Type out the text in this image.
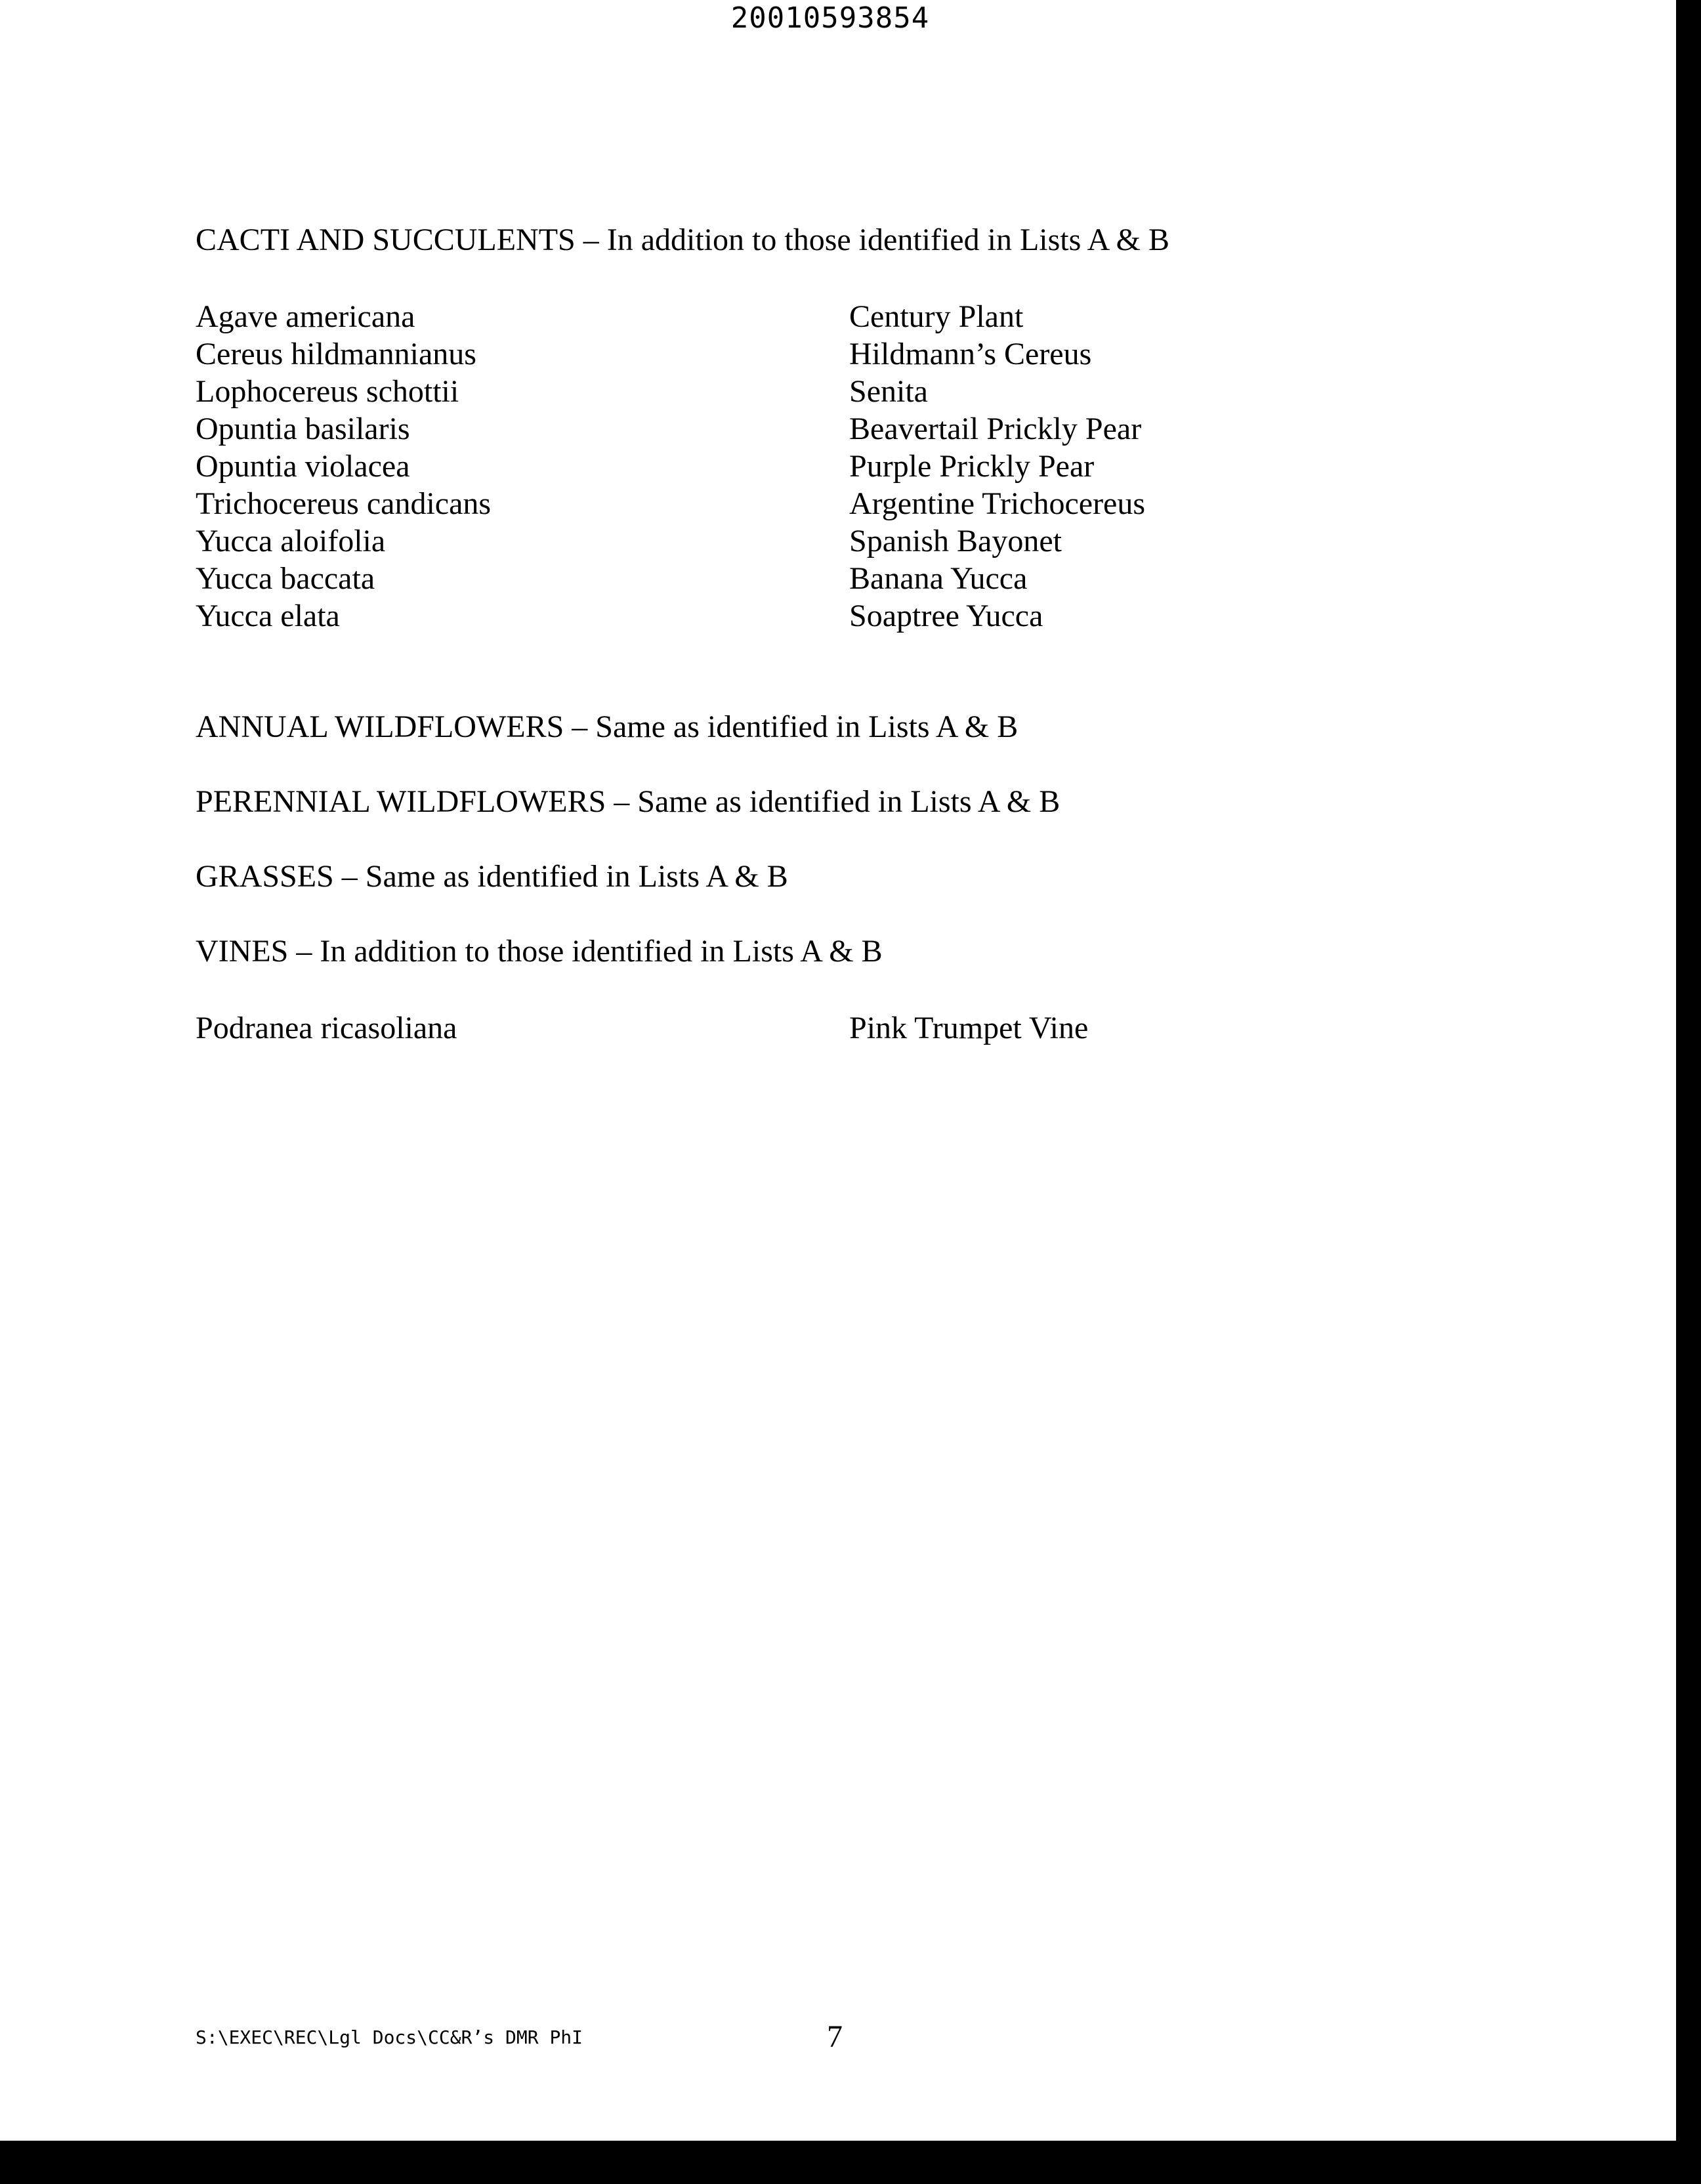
20010593854
CACTI AND SUCCULENTS – In addition to those identified in Lists A & B
Agave americana
Cereus hildmannianus
Lophocereus schottii
Opuntia basilaris
Opuntia violacea
Trichocereus candicans
Yucca aloifolia
Yucca baccata
Yucca elata
Century Plant
Hildmann’s Cereus
Senita
Beavertail Prickly Pear
Purple Prickly Pear
Argentine Trichocereus
Spanish Bayonet
Banana Yucca
Soaptree Yucca
ANNUAL WILDFLOWERS – Same as identified in Lists A & B
PERENNIAL WILDFLOWERS – Same as identified in Lists A & B
GRASSES – Same as identified in Lists A & B
VINES – In addition to those identified in Lists A & B
Podranea ricasoliana	Pink Trumpet Vine
S:\EXEC\REC\Lgl Docs\CC&R’s DMR PhI	7
